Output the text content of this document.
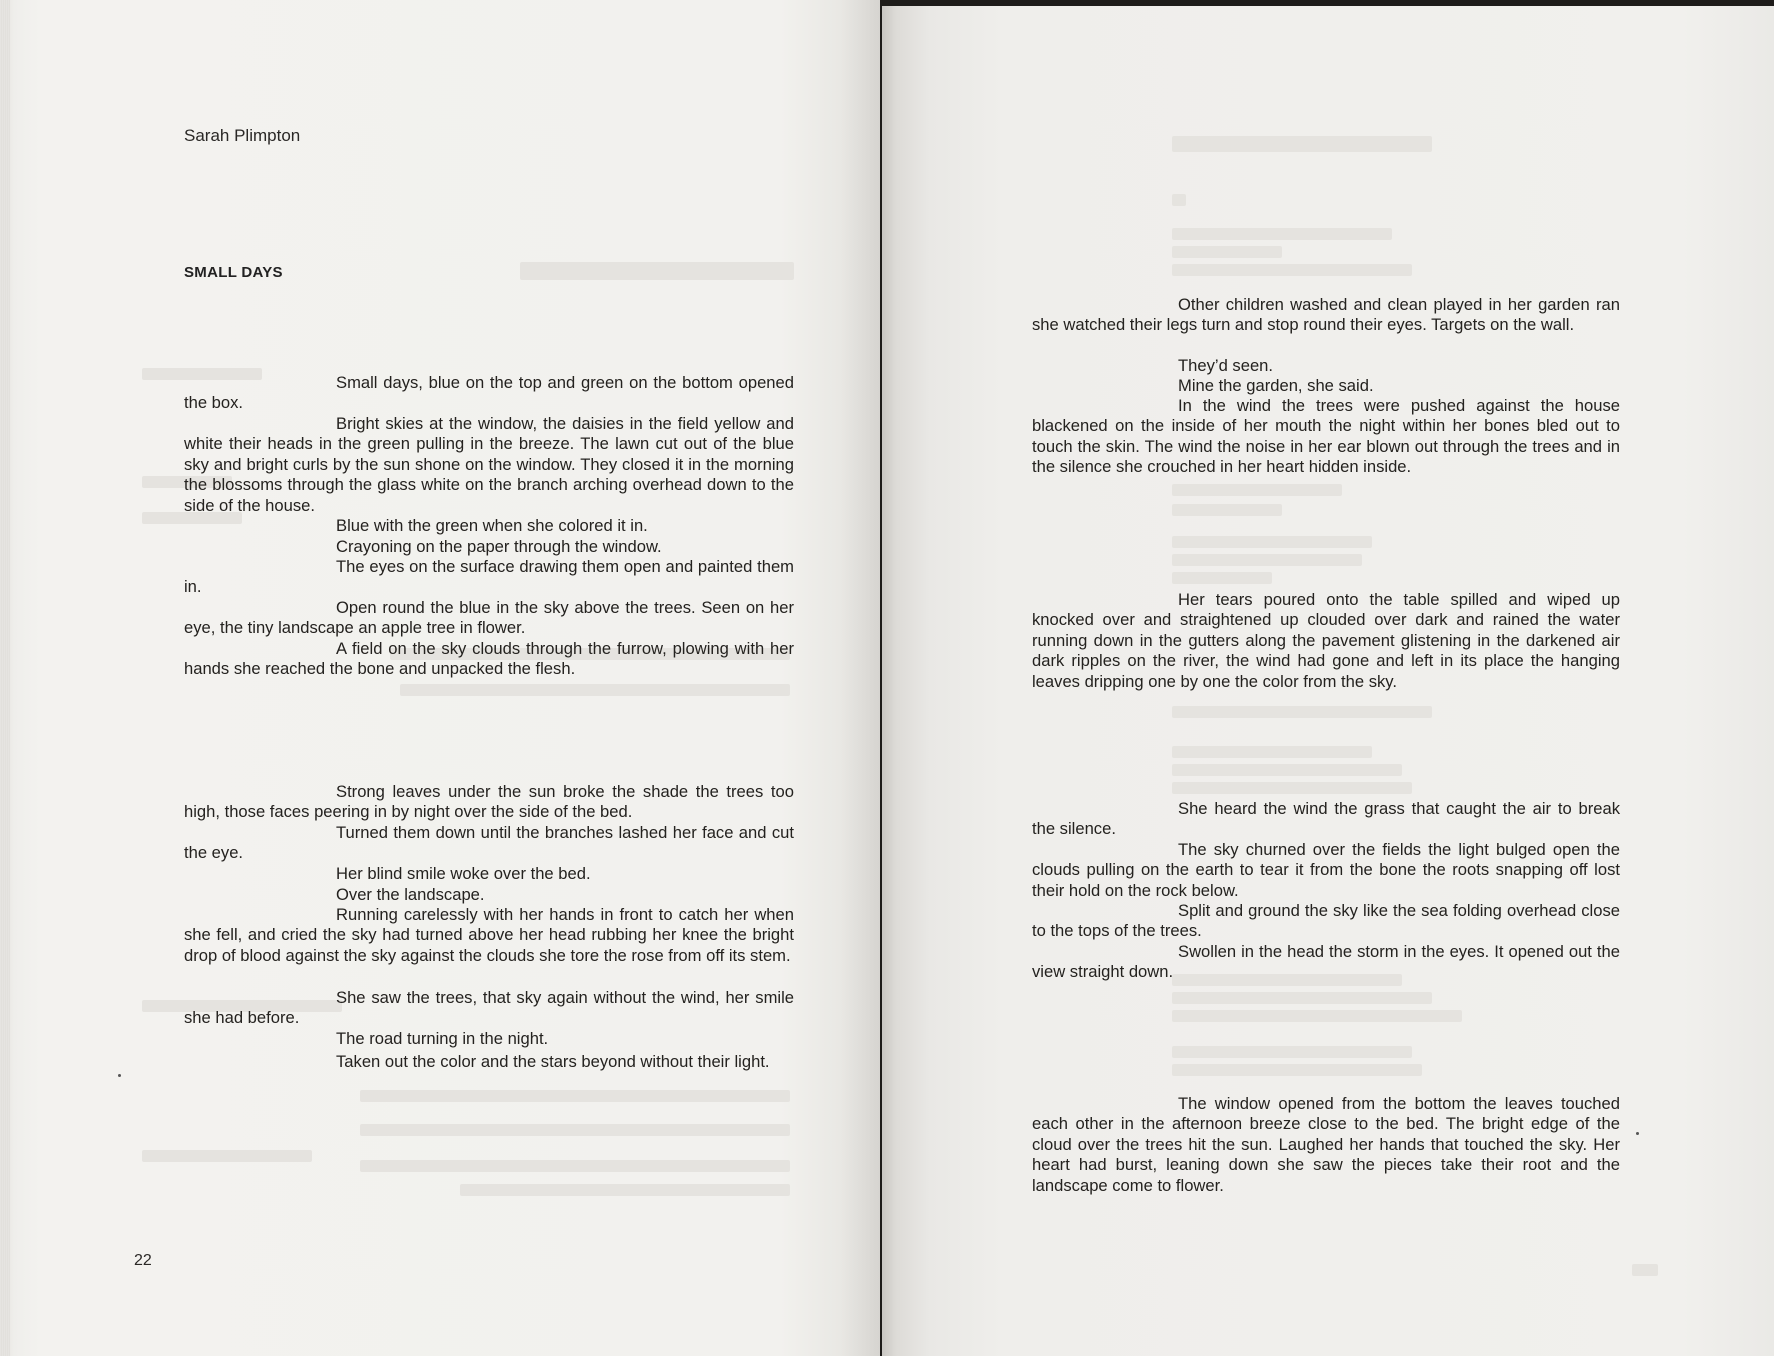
Sarah Plimpton
SMALL DAYS

Small days, blue on the top and green on the bottom opened the box.

Bright skies at the window, the daisies in the field yellow and white their heads in the green pulling in the breeze. The lawn cut out of the blue sky and bright curls by the sun shone on the window. They closed it in the morning the blossoms through the glass white on the branch arching overhead down to the side of the house.

Blue with the green when she colored it in.

Crayoning on the paper through the window.

The eyes on the surface drawing them open and painted them in.

Open round the blue in the sky above the trees. Seen on her eye, the tiny landscape an apple tree in flower.

A field on the sky clouds through the furrow, plowing with her hands she reached the bone and unpacked the flesh.

Strong leaves under the sun broke the shade the trees too high, those faces peering in by night over the side of the bed.

Turned them down until the branches lashed her face and cut the eye.

Her blind smile woke over the bed.

Over the landscape.

Running carelessly with her hands in front to catch her when she fell, and cried the sky had turned above her head rubbing her knee the bright drop of blood against the sky against the clouds she tore the rose from off its stem.

She saw the trees, that sky again without the wind, her smile she had before.

The road turning in the night.

Taken out the color and the stars beyond without their light.

22

Other children washed and clean played in her garden ran she watched their legs turn and stop round their eyes. Targets on the wall.

They’d seen.

Mine the garden, she said.

In the wind the trees were pushed against the house blackened on the inside of her mouth the night within her bones bled out to touch the skin. The wind the noise in her ear blown out through the trees and in the silence she crouched in her heart hidden inside.

Her tears poured onto the table spilled and wiped up knocked over and straightened up clouded over dark and rained the water running down in the gutters along the pavement glistening in the darkened air dark ripples on the river, the wind had gone and left in its place the hanging leaves dripping one by one the color from the sky.

She heard the wind the grass that caught the air to break the silence.

The sky churned over the fields the light bulged open the clouds pulling on the earth to tear it from the bone the roots snapping off lost their hold on the rock below.

Split and ground the sky like the sea folding overhead close to the tops of the trees.

Swollen in the head the storm in the eyes. It opened out the view straight down.

The window opened from the bottom the leaves touched each other in the afternoon breeze close to the bed. The bright edge of the cloud over the trees hit the sun. Laughed her hands that touched the sky. Her heart had burst, leaning down she saw the pieces take their root and the landscape come to flower.
